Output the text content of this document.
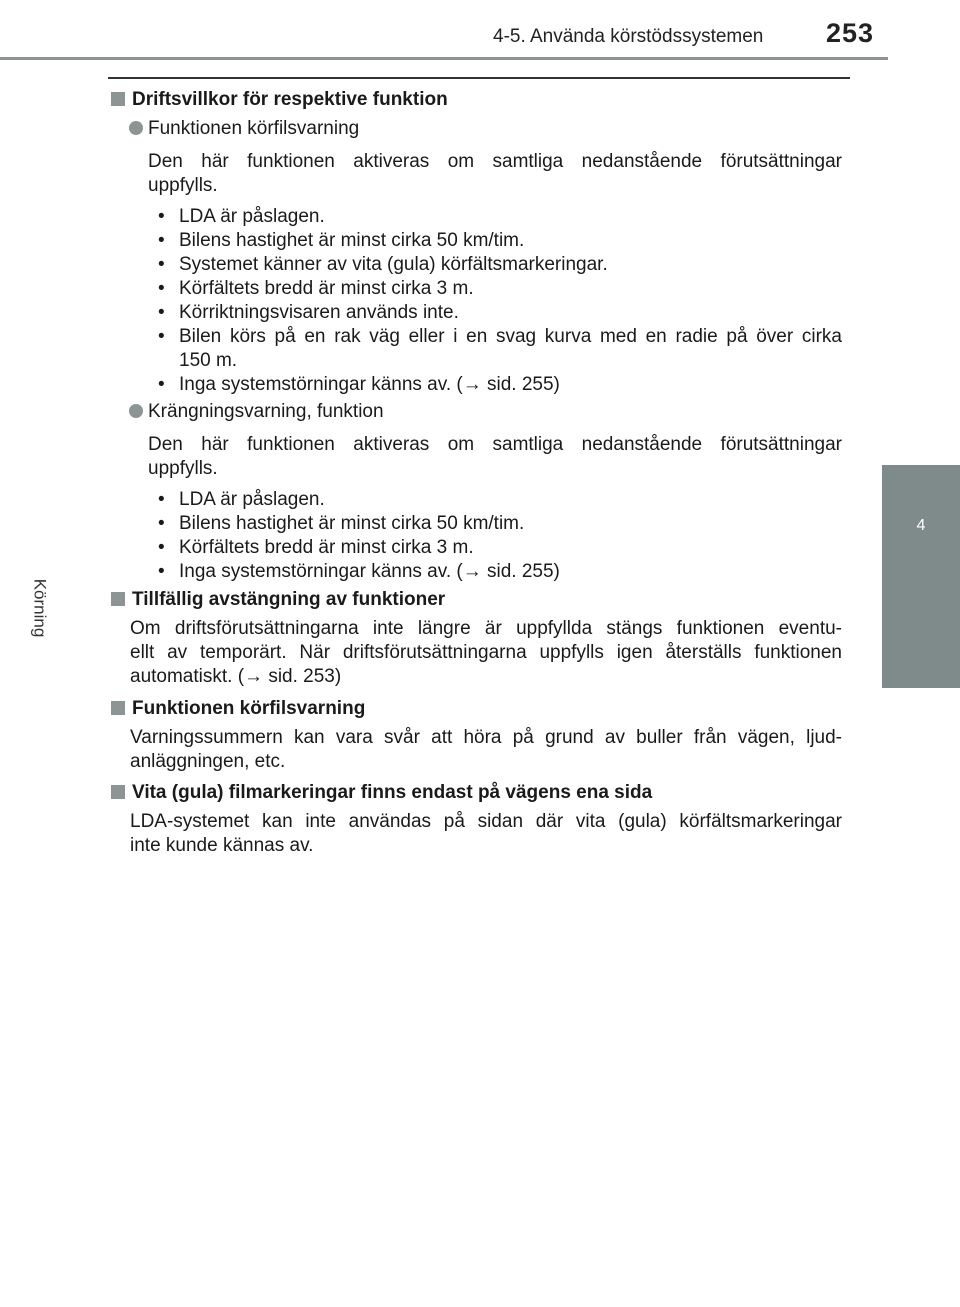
4-5. Använda körstödssystemen 253
4
Körning
Driftsvillkor för respektive funktion
Funktionen körfilsvarning
Den här funktionen aktiveras om samtliga nedanstående förutsättningar
uppfylls.
• LDA är påslagen.
• Bilens hastighet är minst cirka 50 km/tim.
• Systemet känner av vita (gula) körfältsmarkeringar.
• Körfältets bredd är minst cirka 3 m.
• Körriktningsvisaren används inte.
• Bilen körs på en rak väg eller i en svag kurva med en radie på över cirka
150 m.
• Inga systemstörningar känns av. (→ sid. 255)
Krängningsvarning, funktion
Den här funktionen aktiveras om samtliga nedanstående förutsättningar
uppfylls.
• LDA är påslagen.
• Bilens hastighet är minst cirka 50 km/tim.
• Körfältets bredd är minst cirka 3 m.
• Inga systemstörningar känns av. (→ sid. 255)
Tillfällig avstängning av funktioner
Om driftsförutsättningarna inte längre är uppfyllda stängs funktionen eventu-
ellt av temporärt. När driftsförutsättningarna uppfylls igen återställs funktionen
automatiskt. (→ sid. 253)
Funktionen körfilsvarning
Varningssummern kan vara svår att höra på grund av buller från vägen, ljud-
anläggningen, etc.
Vita (gula) filmarkeringar finns endast på vägens ena sida
LDA-systemet kan inte användas på sidan där vita (gula) körfältsmarkeringar
inte kunde kännas av.
